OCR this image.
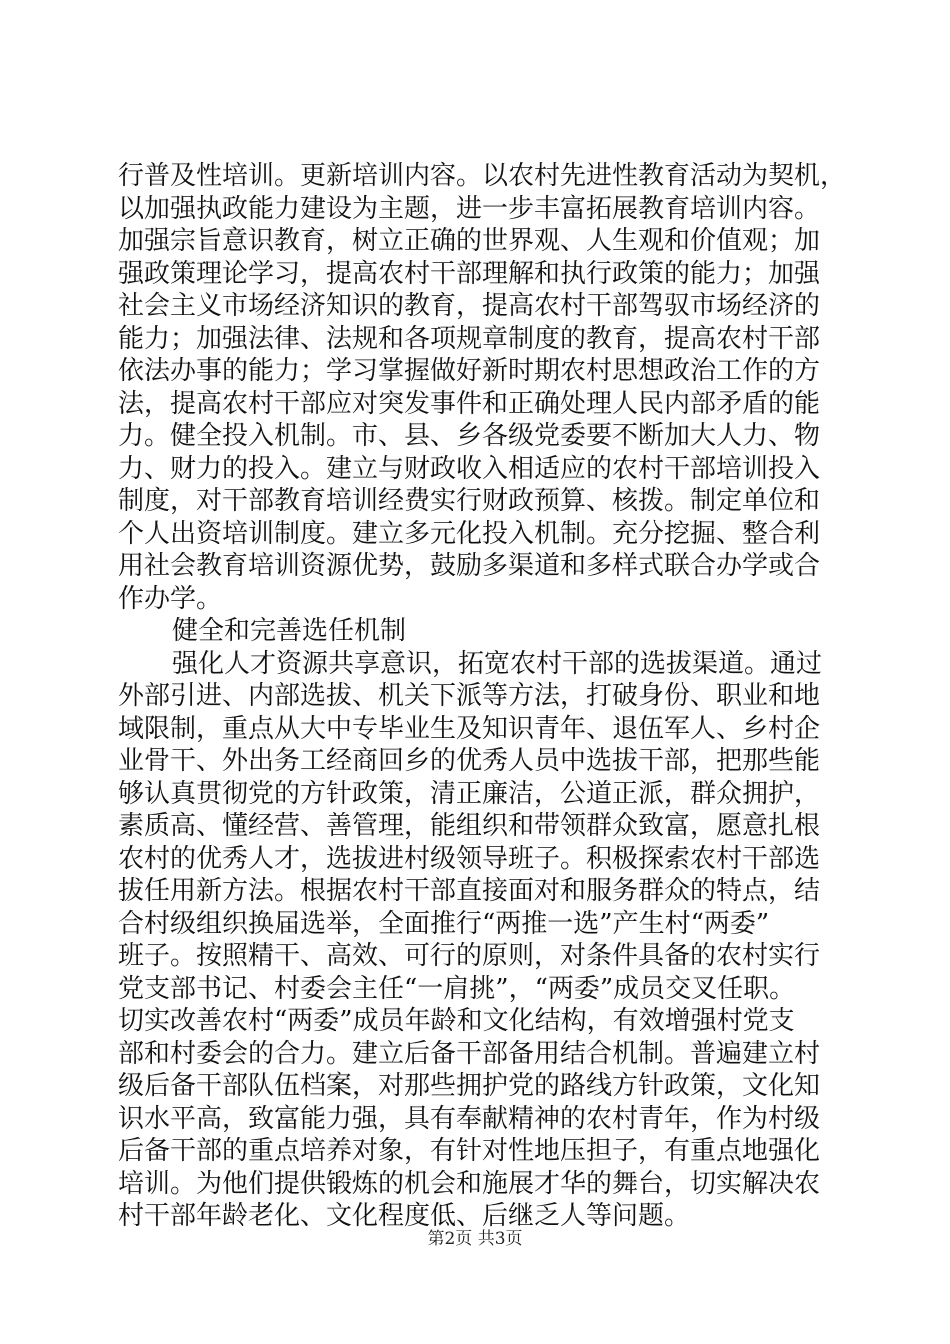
行普及性培训。更新培训内容。以农村先进性教育活动为契机，
以加强执政能力建设为主题，进一步丰富拓展教育培训内容。
加强宗旨意识教育，树立正确的世界观、人生观和价值观；加
强政策理论学习，提高农村干部理解和执行政策的能力；加强
社会主义市场经济知识的教育，提高农村干部驾驭市场经济的
能力；加强法律、法规和各项规章制度的教育，提高农村干部
依法办事的能力；学习掌握做好新时期农村思想政治工作的方
法，提高农村干部应对突发事件和正确处理人民内部矛盾的能
力。健全投入机制。市、县、乡各级党委要不断加大人力、物
力、财力的投入。建立与财政收入相适应的农村干部培训投入
制度，对干部教育培训经费实行财政预算、核拨。制定单位和
个人出资培训制度。建立多元化投入机制。充分挖掘、整合利
用社会教育培训资源优势，鼓励多渠道和多样式联合办学或合
作办学。
健全和完善选任机制
强化人才资源共享意识，拓宽农村干部的选拔渠道。通过
外部引进、内部选拔、机关下派等方法，打破身份、职业和地
域限制，重点从大中专毕业生及知识青年、退伍军人、乡村企
业骨干、外出务工经商回乡的优秀人员中选拔干部，把那些能
够认真贯彻党的方针政策，清正廉洁，公道正派，群众拥护，
素质高、懂经营、善管理，能组织和带领群众致富，愿意扎根
农村的优秀人才，选拔进村级领导班子。积极探索农村干部选
拔任用新方法。根据农村干部直接面对和服务群众的特点，结
合村级组织换届选举，全面推行“两推一选”产生村“两委”
班子。按照精干、高效、可行的原则，对条件具备的农村实行
党支部书记、村委会主任“一肩挑”，“两委”成员交叉任职。
切实改善农村“两委”成员年龄和文化结构，有效增强村党支
部和村委会的合力。建立后备干部备用结合机制。普遍建立村
级后备干部队伍档案，对那些拥护党的路线方针政策，文化知
识水平高，致富能力强，具有奉献精神的农村青年，作为村级
后备干部的重点培养对象，有针对性地压担子，有重点地强化
培训。为他们提供锻炼的机会和施展才华的舞台，切实解决农
村干部年龄老化、文化程度低、后继乏人等问题。
第2页 共3页
